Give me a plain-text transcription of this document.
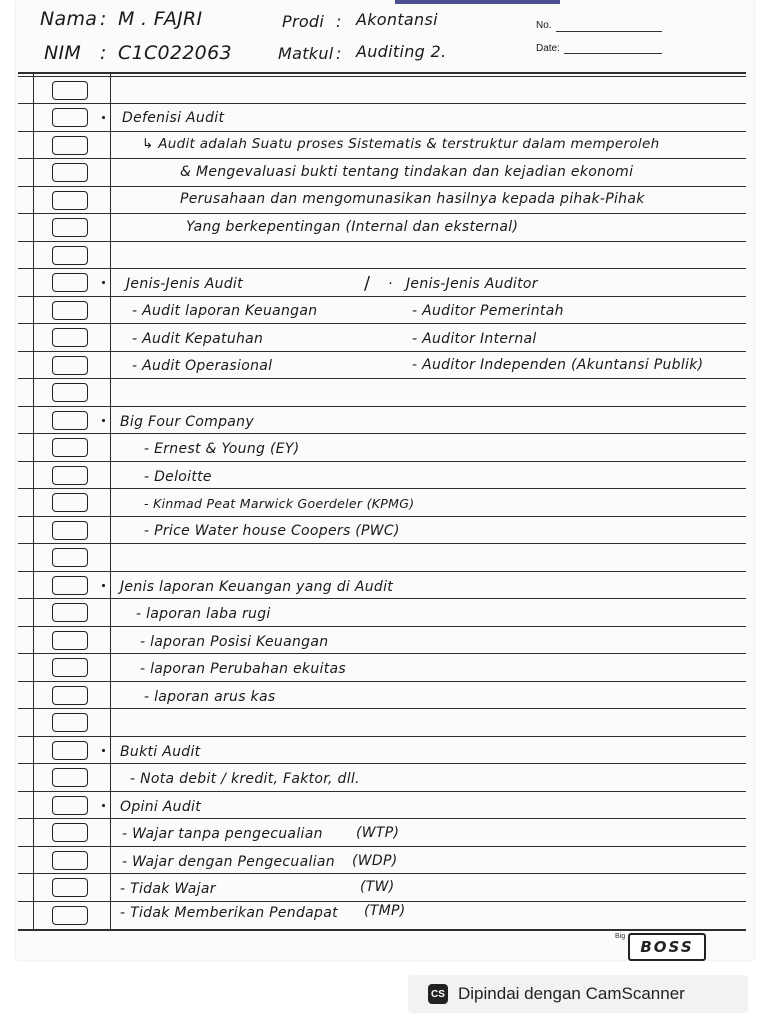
Nama : M . FAJRI
NIM : C1C022063
Prodi : Akontansi
Matkul : Auditing 2.
No.
Date:
Defenisi Audit
↳ Audit adalah Suatu proses Sistematis & terstruktur dalam memperoleh
& Mengevaluasi bukti tentang tindakan dan kejadian ekonomi
Perusahaan dan mengomunasikan hasilnya kepada pihak-Pihak
Yang berkepentingan (Internal dan eksternal)
Jenis-Jenis Audit	/ · Jenis-Jenis Auditor
- Audit laporan Keuangan
- Audit Kepatuhan
- Audit Operasional
- Auditor Pemerintah
- Auditor Internal
- Auditor Independen (Akuntansi Publik)
Big Four Company
- Ernest & Young (EY)
- Deloitte
- Kinmad Peat Marwick Goerdeler (KPMG)
- Price Water house Coopers (PWC)
Jenis laporan Keuangan yang di Audit
- laporan laba rugi
- laporan Posisi Keuangan
- laporan Perubahan ekuitas
- laporan arus kas
Bukti Audit
- Nota debit / kredit, Faktor, dll.
Opini Audit
- Wajar tanpa pengecualian
- Wajar dengan Pengecualian
- Tidak Wajar
- Tidak Memberikan Pendapat
(WTP)
(WDP)
(TW)
(TMP)
Big
BOSS
CS Dipindai dengan CamScanner
